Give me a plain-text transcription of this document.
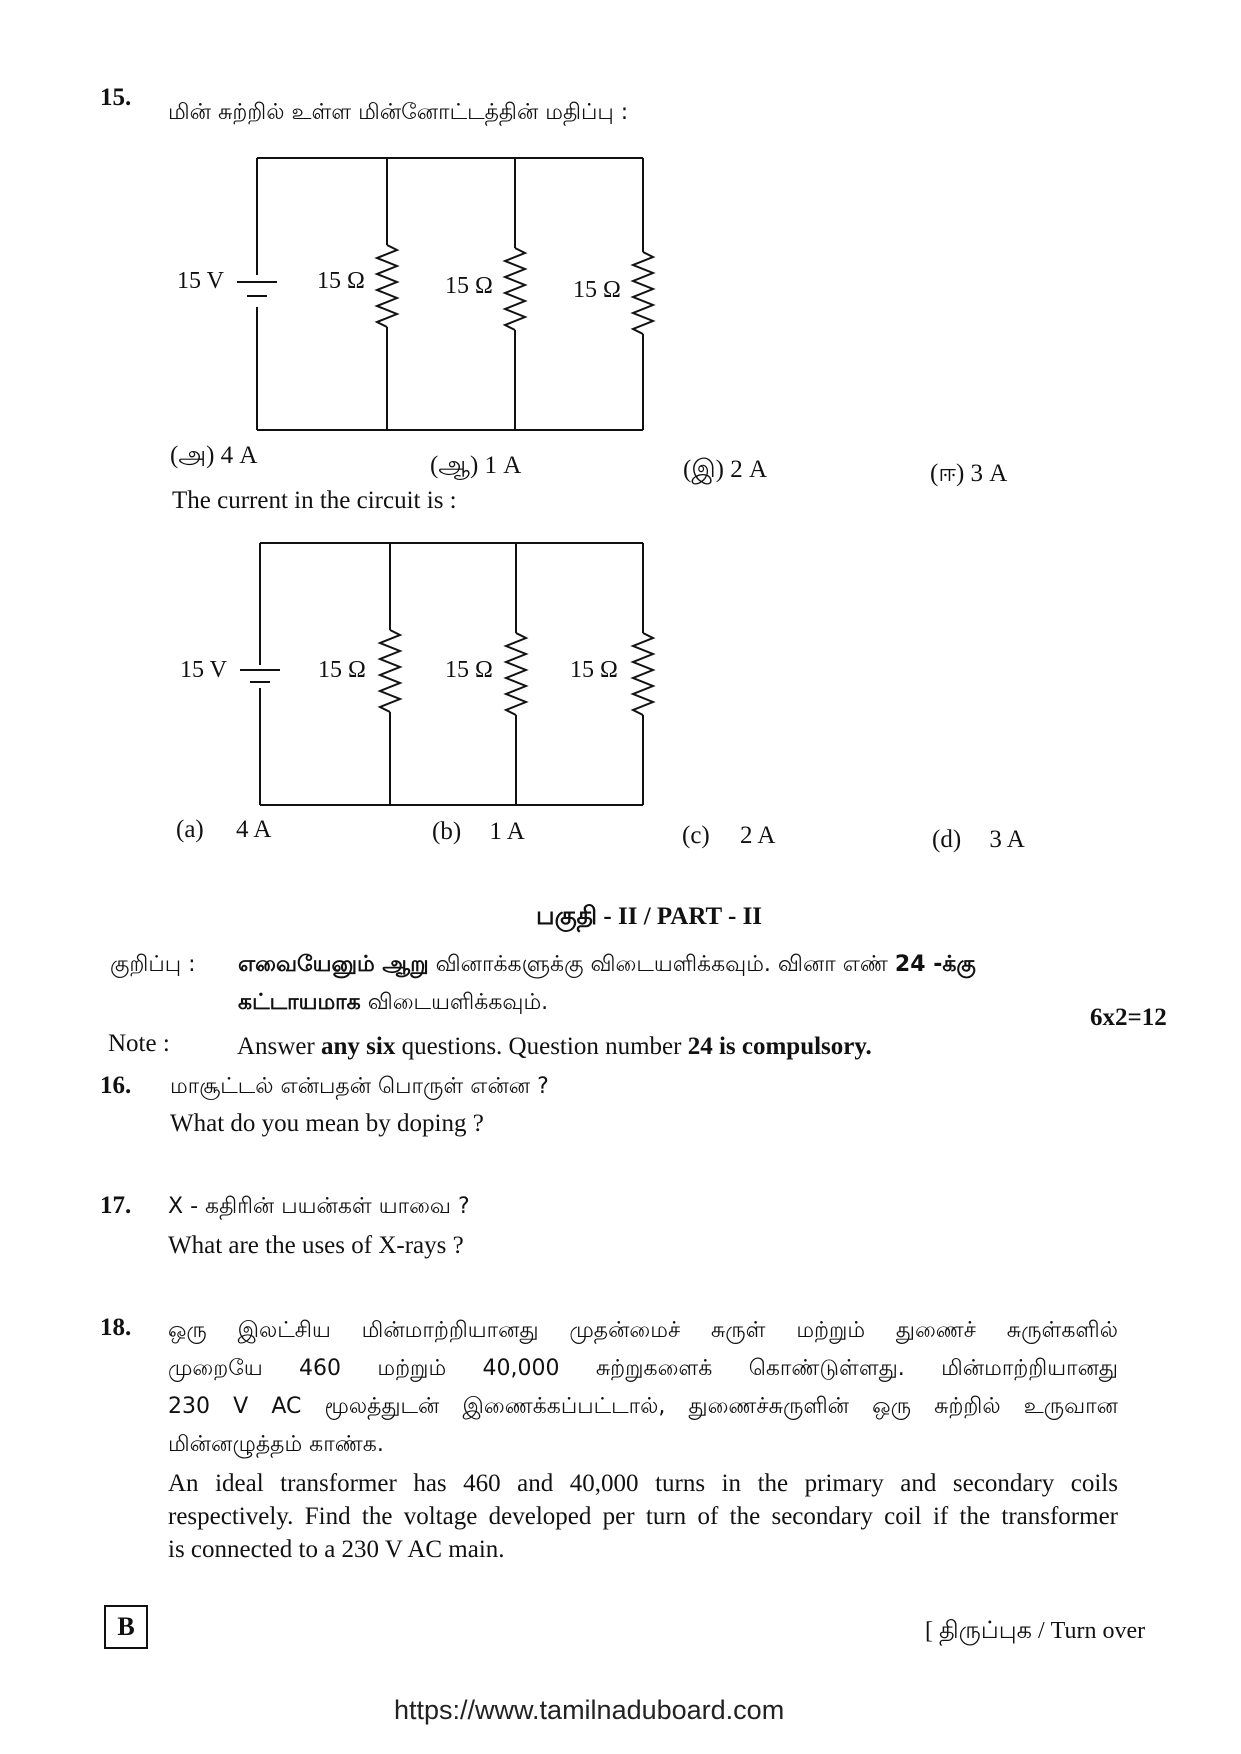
15.
மின் சுற்றில் உள்ள மின்னோட்டத்தின் மதிப்பு :
15 V	15 Ω	15 Ω	15 Ω
(அ) 4 A	(ஆ) 1 A	(இ) 2 A	(ஈ) 3 A
The current in the circuit is :
15 V	15 Ω	15 Ω	15 Ω
(a) 4 A	(b) 1 A	(c) 2 A	(d) 3 A
பகுதி - II / PART - II
குறிப்பு : எவையேனும் ஆறு வினாக்களுக்கு விடையளிக்கவும். வினா எண் 24 -க்கு
கட்டாயமாக விடையளிக்கவும்.
6x2=12
Note :	Answer any six questions. Question number 24 is compulsory.
16. மாசூட்டல் என்பதன் பொருள் என்ன ?
What do you mean by doping ?
17. X - கதிரின் பயன்கள் யாவை ?
What are the uses of X-rays ?
18. ஒரு இலட்சிய மின்மாற்றியானது முதன்மைச் சுருள் மற்றும் துணைச் சுருள்களில்
முறையே 460 மற்றும் 40,000 சுற்றுகளைக் கொண்டுள்ளது. மின்மாற்றியானது
230 V AC மூலத்துடன் இணைக்கப்பட்டால், துணைச்சுருளின் ஒரு சுற்றில் உருவான
மின்னழுத்தம் காண்க.
An ideal transformer has 460 and 40,000 turns in the primary and secondary coils
respectively. Find the voltage developed per turn of the secondary coil if the transformer
is connected to a 230 V AC main.
B	[ திருப்புக / Turn over
https://www.tamilnaduboard.com
